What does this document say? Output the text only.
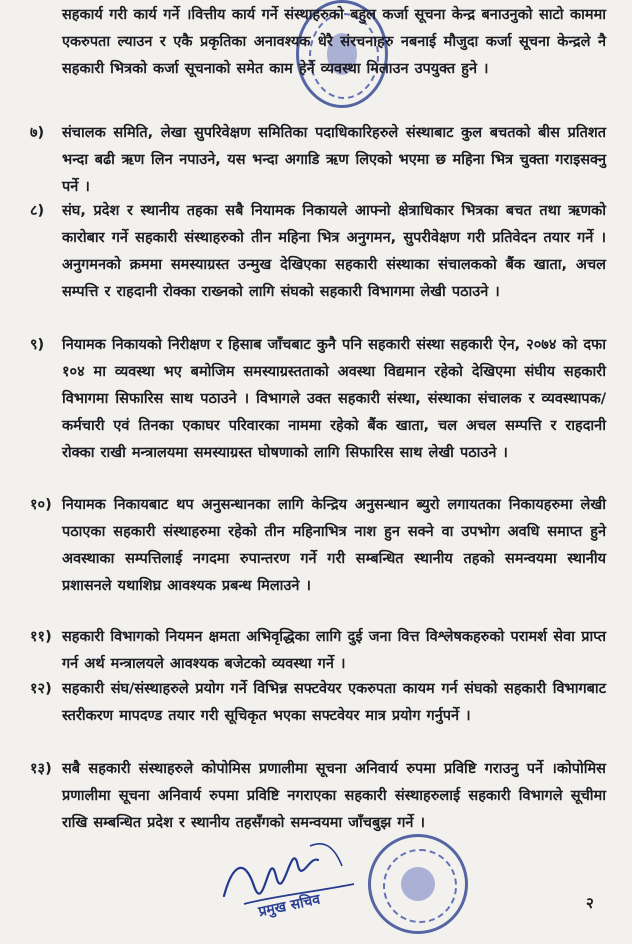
सहकार्य गरी कार्य गर्ने ।वित्तीय कार्य गर्ने संस्थाहरुको बहुल कर्जा सूचना केन्द्र बनाउनुको साटो काममा एकरुपता ल्याउन र एकै प्रकृतिका अनावश्यक धेरै संरचनाहरु नबनाई मौजुदा कर्जा सूचना केन्द्रले नै सहकारी भित्रको कर्जा सूचनाको समेत काम हेर्ने व्यवस्था मिलाउन उपयुक्त हुने ।
७)	संचालक समिति, लेखा सुपरिवेक्षण समितिका पदाधिकारिहरुले संस्थाबाट कुल बचतको बीस प्रतिशत भन्दा बढी ऋण लिन नपाउने, यस भन्दा अगाडि ऋण लिएको भएमा छ महिना भित्र चुक्ता गराइसक्नु पर्ने ।
८)	संघ, प्रदेश र स्थानीय तहका सबै नियामक निकायले आफ्नो क्षेत्राधिकार भित्रका बचत तथा ऋणको कारोबार गर्ने सहकारी संस्थाहरुको तीन महिना भित्र अनुगमन, सुपरीवेक्षण गरी प्रतिवेदन तयार गर्ने । अनुगमनको क्रममा समस्याग्रस्त उन्मुख देखिएका सहकारी संस्थाका संचालकको बैंक खाता, अचल सम्पत्ति र राहदानी रोक्का राख्नको लागि संघको सहकारी विभागमा लेखी पठाउने ।
९)	नियामक निकायको निरीक्षण र हिसाब जाँचबाट कुनै पनि सहकारी संस्था सहकारी ऐन, २०७४ को दफा १०४ मा व्यवस्था भए बमोजिम समस्याग्रस्तताको अवस्था विद्यमान रहेको देखिएमा संघीय सहकारी विभागमा सिफारिस साथ पठाउने । विभागले उक्त सहकारी संस्था, संस्थाका संचालक र व्यवस्थापक/ कर्मचारी एवं तिनका एकाघर परिवारका नाममा रहेको बैंक खाता, चल अचल सम्पत्ति र राहदानी रोक्का राखी मन्त्रालयमा समस्याग्रस्त घोषणाको लागि सिफारिस साथ लेखी पठाउने ।
१०) नियामक निकायबाट थप अनुसन्धानका लागि केन्द्रिय अनुसन्धान ब्युरो लगायतका निकायहरुमा लेखी पठाएका सहकारी संस्थाहरुमा रहेको तीन महिनाभित्र नाश हुन सक्ने वा उपभोग अवधि समाप्त हुने अवस्थाका सम्पत्तिलाई नगदमा रुपान्तरण गर्ने गरी सम्बन्धित स्थानीय तहको समन्वयमा स्थानीय प्रशासनले यथाशिघ्र आवश्यक प्रबन्ध मिलाउने ।
११) सहकारी विभागको नियमन क्षमता अभिवृद्धिका लागि दुई जना वित्त विश्लेषकहरुको परामर्श सेवा प्राप्त गर्न अर्थ मन्त्रालयले आवश्यक बजेटको व्यवस्था गर्ने ।
१२) सहकारी संघ/संस्थाहरुले प्रयोग गर्ने विभिन्न सफ्टवेयर एकरुपता कायम गर्न संघको सहकारी विभागबाट स्तरीकरण मापदण्ड तयार गरी सूचिकृत भएका सफ्टवेयर मात्र प्रयोग गर्नुपर्ने ।
१३) सबै सहकारी संस्थाहरुले कोपोमिस प्रणालीमा सूचना अनिवार्य रुपमा प्रविष्टि गराउनु पर्ने ।कोपोमिस प्रणालीमा सूचना अनिवार्य रुपमा प्रविष्टि नगराएका सहकारी संस्थाहरुलाई सहकारी विभागले सूचीमा राखि सम्बन्धित प्रदेश र स्थानीय तहसँगको समन्वयमा जाँचबुझ गर्ने ।
प्रमुख सचिव	२
